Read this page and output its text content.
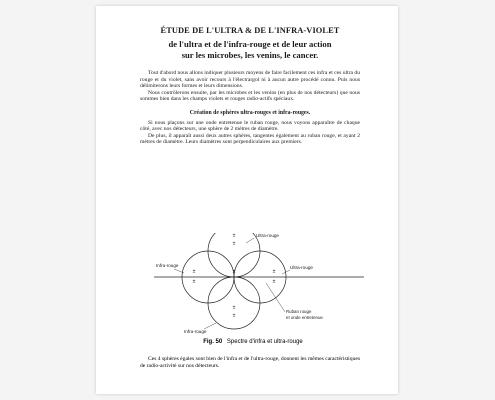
ÉTUDE DE L'ULTRA & DE L'INFRA-VIOLET

de l'ultra et de l'infra-rouge et de leur action

sur les microbes, les venins, le cancer.

Tout d'abord nous allons indiquer plusieurs moyens de faire facilement ces infra et ces ultra du rouge et du violet, sans avoir recours à l'électrargol ni à aucun autre procédé connu. Puis nous délimiterons leurs formes et leurs dimensions.

Nous contrôlerons ensuite, par les microbes et les venins (en plus de nos détecteurs) que nous sommes bien dans les champs violets et rouges radio-actifs spéciaux.

Création de sphères ultra-rouges et infra-rouges.

Si nous plaçons sur une onde entretenue le ruban rouge, nous voyons apparaître de chaque côté, avec nos détecteurs, une sphère de 2 mètres de diamètre.

De plus, il apparaît aussi deux autres sphères, tangentes également au ruban rouge, et ayant 2 mètres de diamètre. Leurs diamètres sont perpendiculaires aux premiers.

±
±
±
±
±	±
±
±
±
Ultra-rouge
Infra-rouge	Ultra-rouge
Infra-rouge
Ruban rouge
et onde entretenue
Fig. 50 Spectre d'infra et ultra-rouge

Ces 4 sphères égales sont bien de l'infra et de l'ultra-rouge, donnent les mêmes caractéristiques de radio-activité sur nos détecteurs.
